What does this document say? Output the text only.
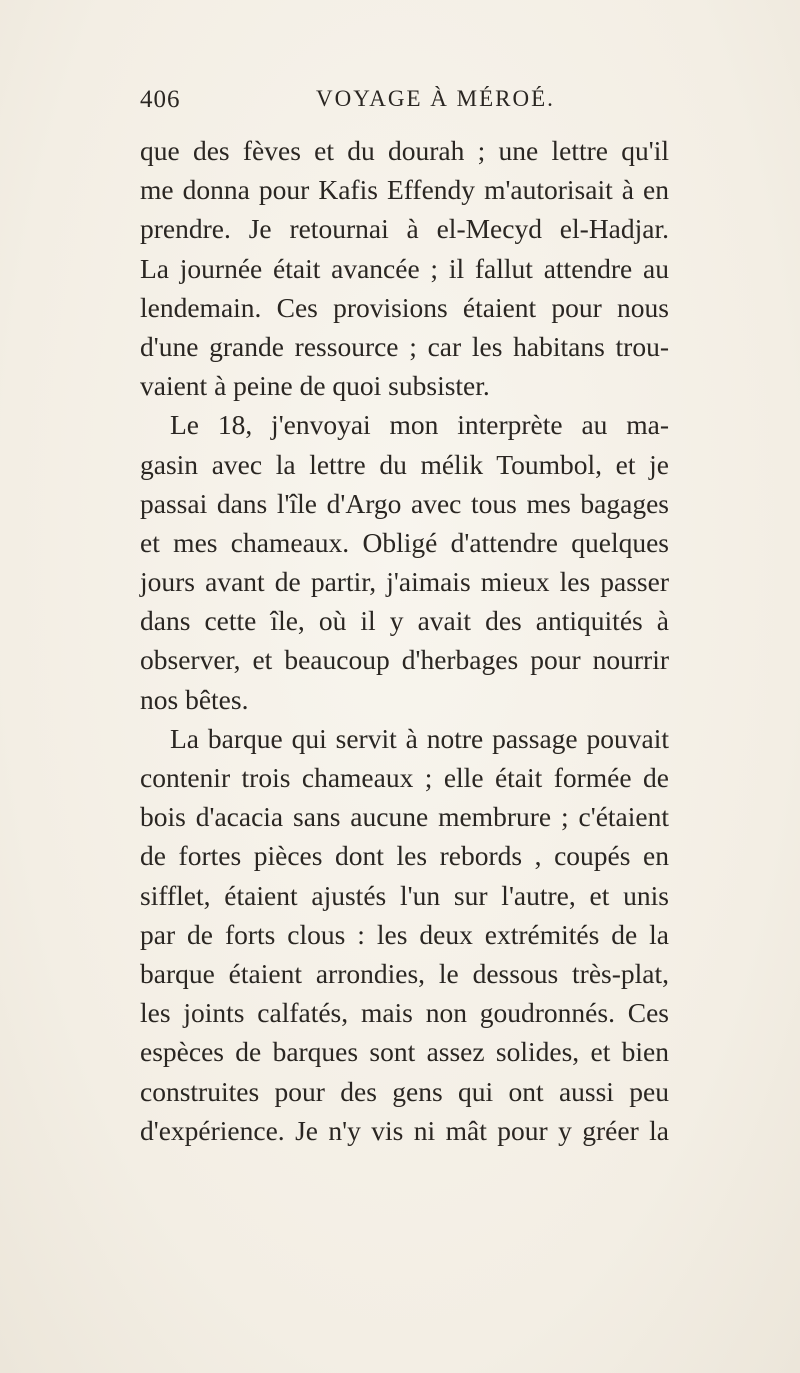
406	VOYAGE À MÉROÉ.
que des fèves et du dourah ; une lettre qu'il
me donna pour Kafis Effendy m'autorisait à en
prendre. Je retournai à el-Mecyd el-Hadjar.
La journée était avancée ; il fallut attendre au
lendemain. Ces provisions étaient pour nous
d'une grande ressource ; car les habitans trou-
vaient à peine de quoi subsister.
Le 18, j'envoyai mon interprète au ma-
gasin avec la lettre du mélik Toumbol, et je
passai dans l'île d'Argo avec tous mes bagages
et mes chameaux. Obligé d'attendre quelques
jours avant de partir, j'aimais mieux les passer
dans cette île, où il y avait des antiquités à
observer, et beaucoup d'herbages pour nourrir
nos bêtes.
La barque qui servit à notre passage pouvait
contenir trois chameaux ; elle était formée de
bois d'acacia sans aucune membrure ; c'étaient
de fortes pièces dont les rebords , coupés en
sifflet, étaient ajustés l'un sur l'autre, et unis
par de forts clous : les deux extrémités de la
barque étaient arrondies, le dessous très-plat,
les joints calfatés, mais non goudronnés. Ces
espèces de barques sont assez solides, et bien
construites pour des gens qui ont aussi peu
d'expérience. Je n'y vis ni mât pour y gréer la
